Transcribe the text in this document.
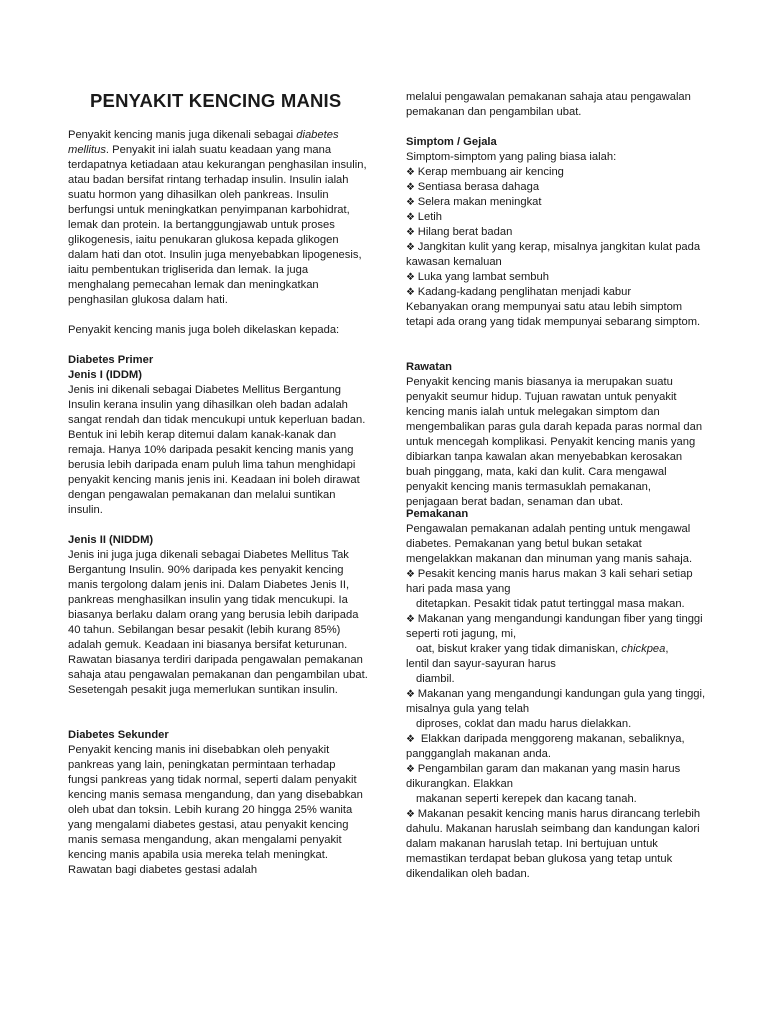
PENYAKIT KENCING MANIS

Penyakit kencing manis juga dikenali sebagai diabetes mellitus. Penyakit ini ialah suatu keadaan yang mana terdapatnya ketiadaan atau kekurangan penghasilan insulin, atau badan bersifat rintang terhadap insulin. Insulin ialah suatu hormon yang dihasilkan oleh pankreas. Insulin berfungsi untuk meningkatkan penyimpanan karbohidrat, lemak dan protein. Ia bertanggungjawab untuk proses glikogenesis, iaitu penukaran glukosa kepada glikogen dalam hati dan otot. Insulin juga menyebabkan lipogenesis, iaitu pembentukan trigliserida dan lemak. Ia juga menghalang pemecahan lemak dan meningkatkan penghasilan glukosa dalam hati.

Penyakit kencing manis juga boleh dikelaskan kepada:

Diabetes Primer

Jenis I (IDDM)

Jenis ini dikenali sebagai Diabetes Mellitus Bergantung Insulin kerana insulin yang dihasilkan oleh badan adalah sangat rendah dan tidak mencukupi untuk keperluan badan. Bentuk ini lebih kerap ditemui dalam kanak-kanak dan remaja. Hanya 10% daripada pesakit kencing manis yang berusia lebih daripada enam puluh lima tahun menghidapi penyakit kencing manis jenis ini. Keadaan ini boleh dirawat dengan pengawalan pemakanan dan melalui suntikan insulin.

Jenis II (NIDDM)

Jenis ini juga juga dikenali sebagai Diabetes Mellitus Tak Bergantung Insulin. 90% daripada kes penyakit kencing manis tergolong dalam jenis ini. Dalam Diabetes Jenis II, pankreas menghasilkan insulin yang tidak mencukupi. Ia biasanya berlaku dalam orang yang berusia lebih daripada 40 tahun. Sebilangan besar pesakit (lebih kurang 85%) adalah gemuk. Keadaan ini biasanya bersifat keturunan. Rawatan biasanya terdiri daripada pengawalan pemakanan sahaja atau pengawalan pemakanan dan pengambilan ubat. Sesetengah pesakit juga memerlukan suntikan insulin.

Diabetes Sekunder

Penyakit kencing manis ini disebabkan oleh penyakit pankreas yang lain, peningkatan permintaan terhadap fungsi pankreas yang tidak normal, seperti dalam penyakit kencing manis semasa mengandung, dan yang disebabkan oleh ubat dan toksin. Lebih kurang 20 hingga 25% wanita yang mengalami diabetes gestasi, atau penyakit kencing manis semasa mengandung, akan mengalami penyakit kencing manis apabila usia mereka telah meningkat. Rawatan bagi diabetes gestasi adalah

melalui pengawalan pemakanan sahaja atau pengawalan pemakanan dan pengambilan ubat.

Simptom / Gejala

Simptom-simptom yang paling biasa ialah:

❖ Kerap membuang air kencing

❖ Sentiasa berasa dahaga

❖ Selera makan meningkat

❖ Letih

❖ Hilang berat badan

❖ Jangkitan kulit yang kerap, misalnya jangkitan kulat pada kawasan kemaluan

❖ Luka yang lambat sembuh

❖ Kadang-kadang penglihatan menjadi kabur

Kebanyakan orang mempunyai satu atau lebih simptom tetapi ada orang yang tidak mempunyai sebarang simptom.

Rawatan

Penyakit kencing manis biasanya ia merupakan suatu penyakit seumur hidup. Tujuan rawatan untuk penyakit kencing manis ialah untuk melegakan simptom dan mengembalikan paras gula darah kepada paras normal dan untuk mencegah komplikasi. Penyakit kencing manis yang dibiarkan tanpa kawalan akan menyebabkan kerosakan buah pinggang, mata, kaki dan kulit. Cara mengawal penyakit kencing manis termasuklah pemakanan, penjagaan berat badan, senaman dan ubat.

Pemakanan

Pengawalan pemakanan adalah penting untuk mengawal diabetes. Pemakanan yang betul bukan setakat mengelakkan makanan dan minuman yang manis sahaja.

❖ Pesakit kencing manis harus makan 3 kali sehari setiap hari pada masa yang

ditetapkan. Pesakit tidak patut tertinggal masa makan.

❖ Makanan yang mengandungi kandungan fiber yang tinggi seperti roti jagung, mi,

oat, biskut kraker yang tidak dimaniskan, chickpea,

lentil dan sayur-sayuran harus

diambil.

❖ Makanan yang mengandungi kandungan gula yang tinggi, misalnya gula yang telah

diproses, coklat dan madu harus dielakkan.

❖  Elakkan daripada menggoreng makanan, sebaliknya, pangganglah makanan anda.

❖ Pengambilan garam dan makanan yang masin harus dikurangkan. Elakkan

makanan seperti kerepek dan kacang tanah.

❖ Makanan pesakit kencing manis harus dirancang terlebih dahulu. Makanan haruslah seimbang dan kandungan kalori dalam makanan haruslah tetap. Ini bertujuan untuk memastikan terdapat beban glukosa yang tetap untuk dikendalikan oleh badan.
